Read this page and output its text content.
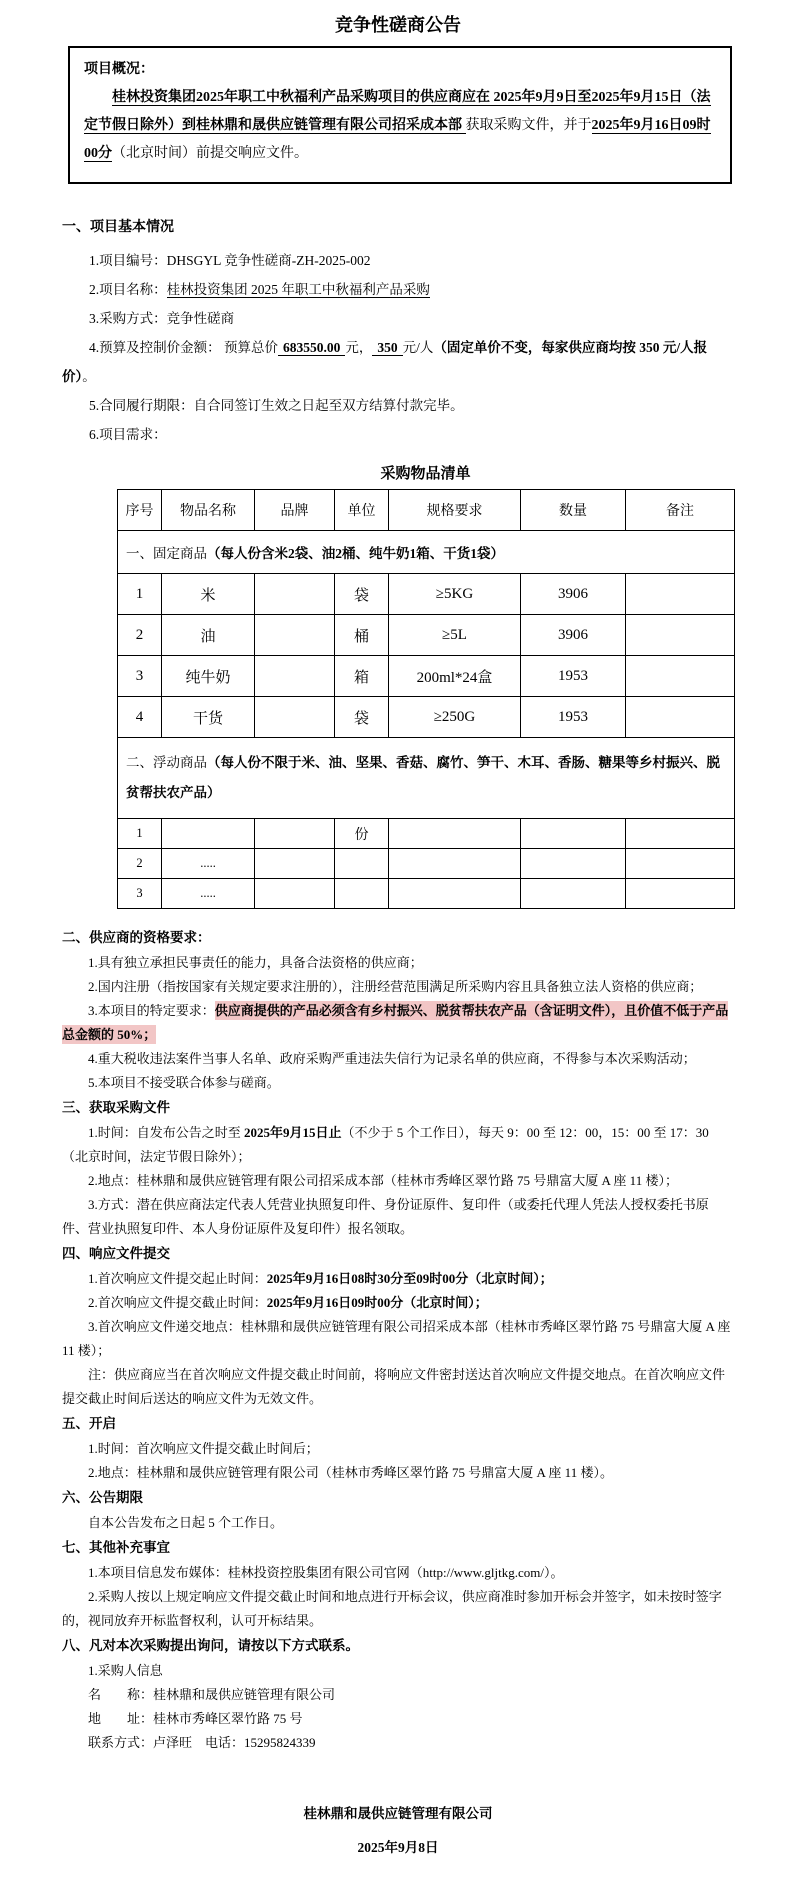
竞争性磋商公告
项目概况：

桂林投资集团2025年职工中秋福利产品采购项目的供应商应在 2025年9月9日至2025年9月15日（法定节假日除外）到桂林鼎和晟供应链管理有限公司招采成本部 获取采购文件，并于2025年9月16日09时00分（北京时间）前提交响应文件。

一、项目基本情况

1.项目编号：DHSGYL 竞争性磋商-ZH-2025-002

2.项目名称：桂林投资集团 2025 年职工中秋福利产品采购

3.采购方式：竞争性磋商

4.预算及控制价金额： 预算总价 683550.00 元， 350 元/人（固定单价不变，每家供应商均按 350 元/人报价）。

5.合同履行期限：自合同签订生效之日起至双方结算付款完毕。

6.项目需求：

采购物品清单
序号	物品名称	品牌	单位	规格要求	数量	备注
一、固定商品（每人份含米2袋、油2桶、纯牛奶1箱、干货1袋）						
1	米		袋	≥5KG	3906	
2	油		桶	≥5L	3906	
3	纯牛奶		箱	200ml*24盒	1953	
4	干货		袋	≥250G	1953	
二、浮动商品（每人份不限于米、油、坚果、香菇、腐竹、笋干、木耳、香肠、糖果等乡村振兴、脱贫帮扶农产品）						
1			份			
2	.....					
3	.....					
二、供应商的资格要求：

1.具有独立承担民事责任的能力，具备合法资格的供应商；

2.国内注册（指按国家有关规定要求注册的），注册经营范围满足所采购内容且具备独立法人资格的供应商；

3.本项目的特定要求：供应商提供的产品必须含有乡村振兴、脱贫帮扶农产品（含证明文件），且价值不低于产品总金额的 50%；

4.重大税收违法案件当事人名单、政府采购严重违法失信行为记录名单的供应商，不得参与本次采购活动；

5.本项目不接受联合体参与磋商。

三、获取采购文件

1.时间：自发布公告之时至 2025年9月15日止（不少于 5 个工作日），每天 9：00 至 12：00，15：00 至 17：30（北京时间，法定节假日除外）；

2.地点：桂林鼎和晟供应链管理有限公司招采成本部（桂林市秀峰区翠竹路 75 号鼎富大厦 A 座 11 楼）；

3.方式：潜在供应商法定代表人凭营业执照复印件、身份证原件、复印件（或委托代理人凭法人授权委托书原件、营业执照复印件、本人身份证原件及复印件）报名领取。

四、响应文件提交

1.首次响应文件提交起止时间：2025年9月16日08时30分至09时00分（北京时间）；

2.首次响应文件提交截止时间：2025年9月16日09时00分（北京时间）；

3.首次响应文件递交地点：桂林鼎和晟供应链管理有限公司招采成本部（桂林市秀峰区翠竹路 75 号鼎富大厦 A 座 11 楼）；

注：供应商应当在首次响应文件提交截止时间前，将响应文件密封送达首次响应文件提交地点。在首次响应文件提交截止时间后送达的响应文件为无效文件。

五、开启

1.时间：首次响应文件提交截止时间后；

2.地点：桂林鼎和晟供应链管理有限公司（桂林市秀峰区翠竹路 75 号鼎富大厦 A 座 11 楼）。

六、公告期限

自本公告发布之日起 5 个工作日。

七、其他补充事宜

1.本项目信息发布媒体：桂林投资控股集团有限公司官网（http://www.gljtkg.com/）。

2.采购人按以上规定响应文件提交截止时间和地点进行开标会议，供应商准时参加开标会并签字，如未按时签字的，视同放弃开标监督权利，认可开标结果。

八、凡对本次采购提出询问，请按以下方式联系。

1.采购人信息

名　　称：桂林鼎和晟供应链管理有限公司

地　　址：桂林市秀峰区翠竹路 75 号

联系方式：卢泽旺　电话：15295824339

桂林鼎和晟供应链管理有限公司
2025年9月8日
